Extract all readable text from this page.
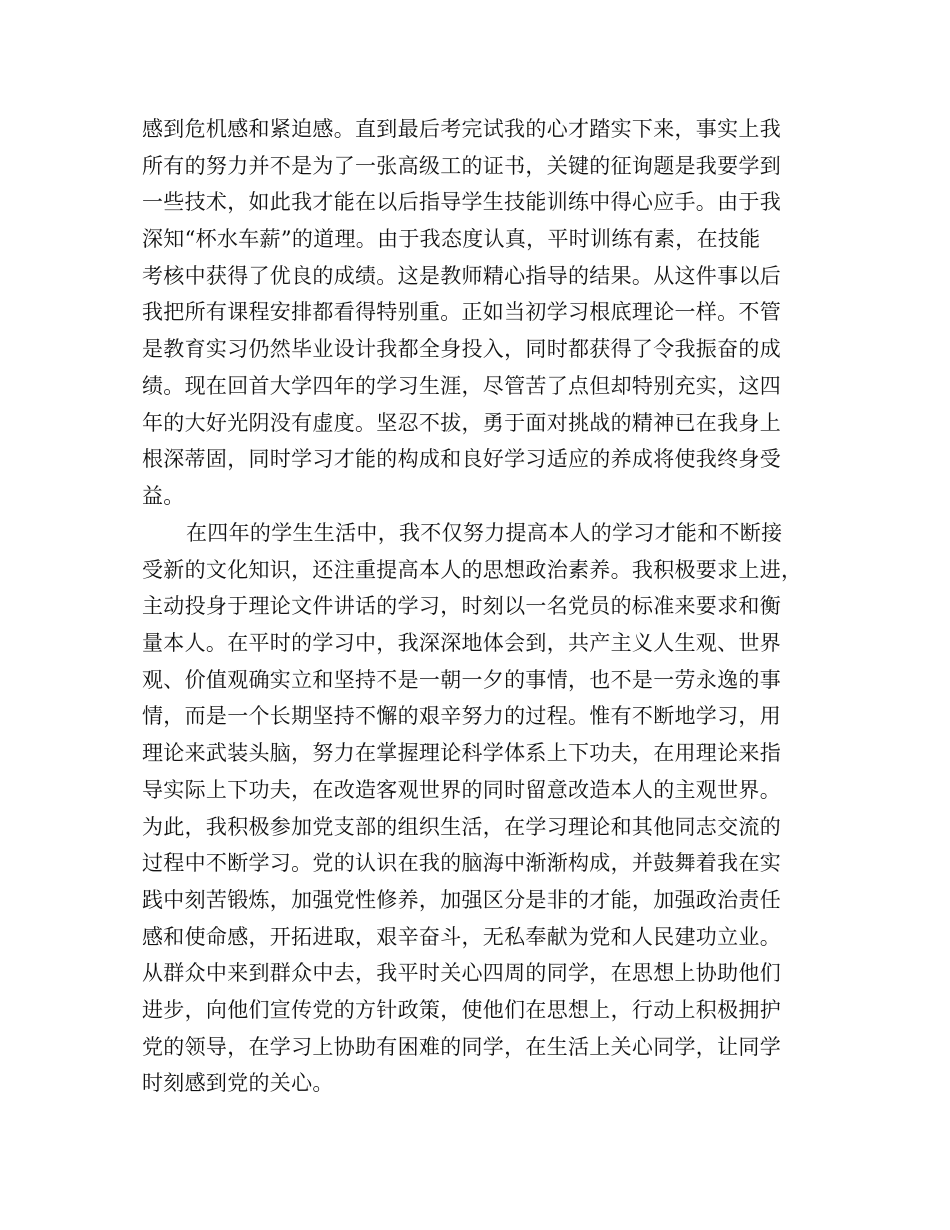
感到危机感和紧迫感。直到最后考完试我的心才踏实下来，事实上我
所有的努力并不是为了一张高级工的证书，关键的征询题是我要学到
一些技术，如此我才能在以后指导学生技能训练中得心应手。由于我
深知“杯水车薪”的道理。由于我态度认真，平时训练有素，在技能
考核中获得了优良的成绩。这是教师精心指导的结果。从这件事以后
我把所有课程安排都看得特别重。正如当初学习根底理论一样。不管
是教育实习仍然毕业设计我都全身投入，同时都获得了令我振奋的成
绩。现在回首大学四年的学习生涯，尽管苦了点但却特别充实，这四
年的大好光阴没有虚度。坚忍不拔，勇于面对挑战的精神已在我身上
根深蒂固，同时学习才能的构成和良好学习适应的养成将使我终身受
益。
在四年的学生生活中，我不仅努力提高本人的学习才能和不断接
受新的文化知识，还注重提高本人的思想政治素养。我积极要求上进，
主动投身于理论文件讲话的学习，时刻以一名党员的标准来要求和衡
量本人。在平时的学习中，我深深地体会到，共产主义人生观、世界
观、价值观确实立和坚持不是一朝一夕的事情，也不是一劳永逸的事
情，而是一个长期坚持不懈的艰辛努力的过程。惟有不断地学习，用
理论来武装头脑，努力在掌握理论科学体系上下功夫，在用理论来指
导实际上下功夫，在改造客观世界的同时留意改造本人的主观世界。
为此，我积极参加党支部的组织生活，在学习理论和其他同志交流的
过程中不断学习。党的认识在我的脑海中渐渐构成，并鼓舞着我在实
践中刻苦锻炼，加强党性修养，加强区分是非的才能，加强政治责任
感和使命感，开拓进取，艰辛奋斗，无私奉献为党和人民建功立业。
从群众中来到群众中去，我平时关心四周的同学，在思想上协助他们
进步，向他们宣传党的方针政策，使他们在思想上，行动上积极拥护
党的领导，在学习上协助有困难的同学，在生活上关心同学，让同学
时刻感到党的关心。
